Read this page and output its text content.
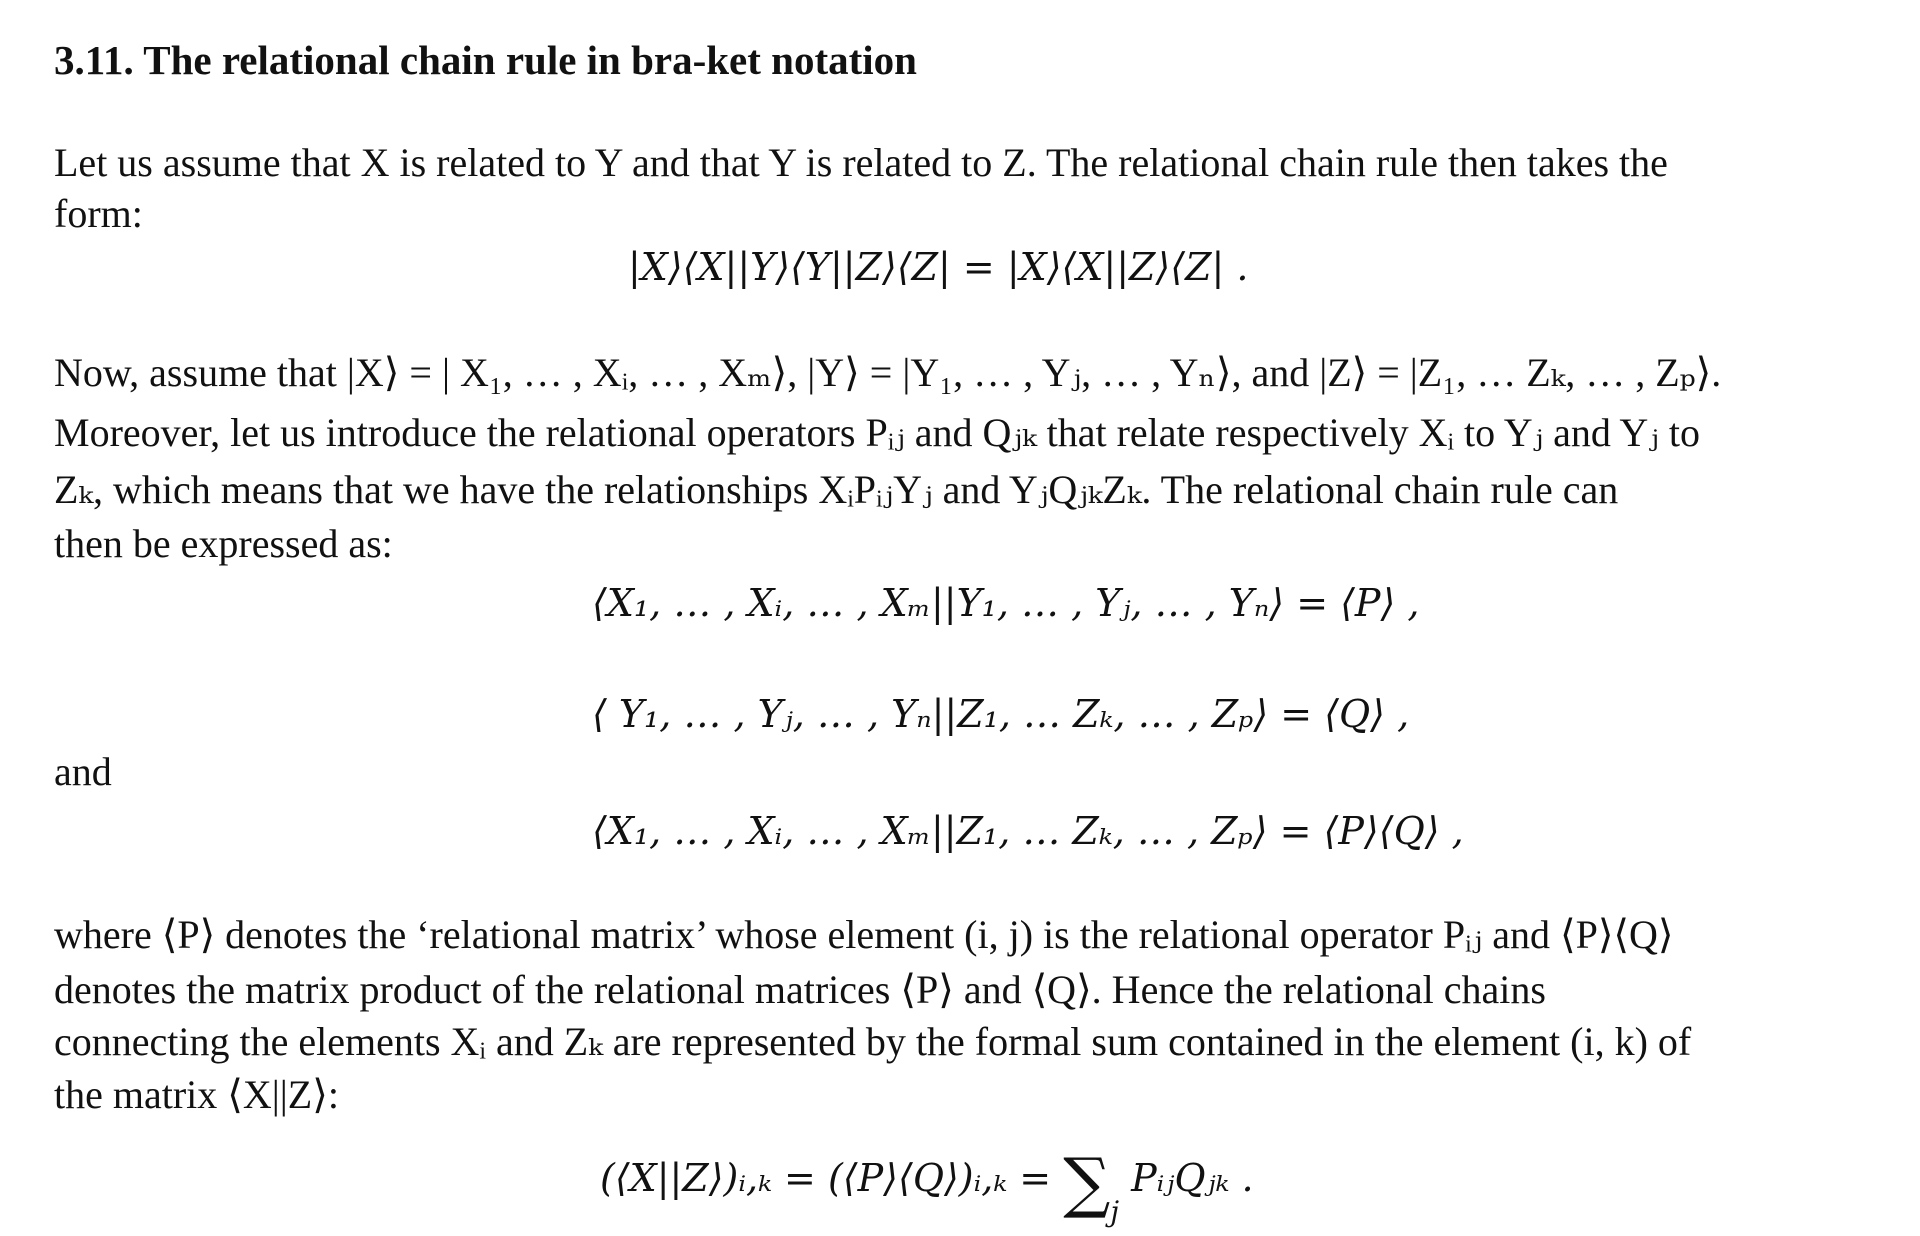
3.11. The relational chain rule in bra-ket notation
Let us assume that X is related to Y and that Y is related to Z. The relational chain rule then takes the
form:
|X⟩⟨X||Y⟩⟨Y||Z⟩⟨Z| = |X⟩⟨X||Z⟩⟨Z| .
Now, assume that |X⟩ = | X₁, … , Xᵢ, … , Xₘ⟩, |Y⟩ = |Y₁, … , Yⱼ, … , Yₙ⟩, and |Z⟩ = |Z₁, … Zₖ, … , Zₚ⟩.
Moreover, let us introduce the relational operators Pᵢⱼ and Qⱼₖ that relate respectively Xᵢ to Yⱼ and Yⱼ to
Zₖ, which means that we have the relationships XᵢPᵢⱼYⱼ and YⱼQⱼₖZₖ. The relational chain rule can
then be expressed as:
⟨X₁, … , Xᵢ, … , Xₘ||Y₁, … , Yⱼ, … , Yₙ⟩ = ⟨P⟩ ,
⟨ Y₁, … , Yⱼ, … , Yₙ||Z₁, … Zₖ, … , Zₚ⟩ = ⟨Q⟩ ,
and
⟨X₁, … , Xᵢ, … , Xₘ||Z₁, … Zₖ, … , Zₚ⟩ = ⟨P⟩⟨Q⟩ ,
where ⟨P⟩ denotes the ‘relational matrix’ whose element (i, j) is the relational operator Pᵢⱼ and ⟨P⟩⟨Q⟩
denotes the matrix product of the relational matrices ⟨P⟩ and ⟨Q⟩. Hence the relational chains
connecting the elements Xᵢ and Zₖ are represented by the formal sum contained in the element (i, k) of
the matrix ⟨X||Z⟩:
(⟨X||Z⟩)ᵢ,ₖ = (⟨P⟩⟨Q⟩)ᵢ,ₖ = $\sum_j$ PᵢⱼQⱼₖ .
